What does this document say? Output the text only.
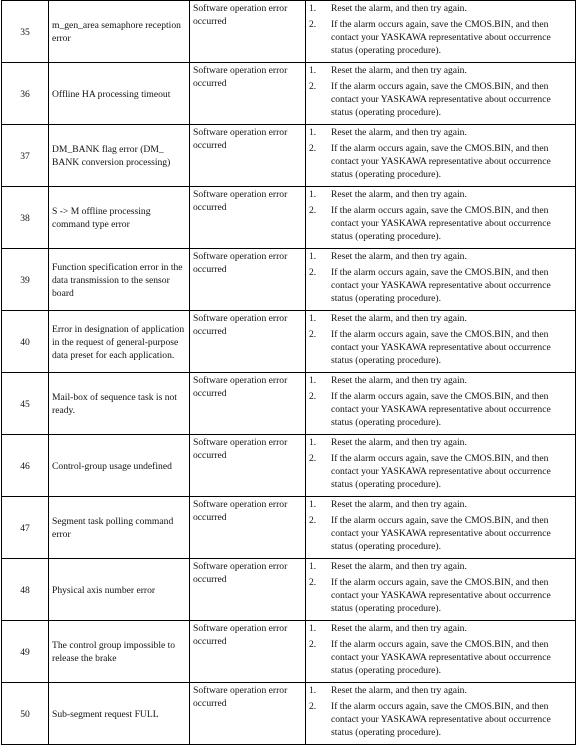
35	m_gen_area semaphore reception error	Software operation error occurred	1. Reset the alarm, and then try again.
2. If the alarm occurs again, save the CMOS.BIN, and then contact your YASKAWA representative about occurrence status (operating procedure).

36	Offline HA processing timeout	Software operation error occurred	1. Reset the alarm, and then try again.
2. If the alarm occurs again, save the CMOS.BIN, and then contact your YASKAWA representative about occurrence status (operating procedure).

37	DM_BANK flag error (DM_ BANK conversion processing)	Software operation error occurred	1. Reset the alarm, and then try again.
2. If the alarm occurs again, save the CMOS.BIN, and then contact your YASKAWA representative about occurrence status (operating procedure).

38	S -> M offline processing command type error	Software operation error occurred	1. Reset the alarm, and then try again.
2. If the alarm occurs again, save the CMOS.BIN, and then contact your YASKAWA representative about occurrence status (operating procedure).

39	Function specification error in the data transmission to the sensor board	Software operation error occurred	1. Reset the alarm, and then try again.
2. If the alarm occurs again, save the CMOS.BIN, and then contact your YASKAWA representative about occurrence status (operating procedure).

40	Error in designation of application in the request of general-purpose data preset for each application.	Software operation error occurred	1. Reset the alarm, and then try again.
2. If the alarm occurs again, save the CMOS.BIN, and then contact your YASKAWA representative about occurrence status (operating procedure).

45	Mail-box of sequence task is not ready.	Software operation error occurred	1. Reset the alarm, and then try again.
2. If the alarm occurs again, save the CMOS.BIN, and then contact your YASKAWA representative about occurrence status (operating procedure).

46	Control-group usage undefined	Software operation error occurred	1. Reset the alarm, and then try again.
2. If the alarm occurs again, save the CMOS.BIN, and then contact your YASKAWA representative about occurrence status (operating procedure).

47	Segment task polling command error	Software operation error occurred	1. Reset the alarm, and then try again.
2. If the alarm occurs again, save the CMOS.BIN, and then contact your YASKAWA representative about occurrence status (operating procedure).

48	Physical axis number error	Software operation error occurred	1. Reset the alarm, and then try again.
2. If the alarm occurs again, save the CMOS.BIN, and then contact your YASKAWA representative about occurrence status (operating procedure).

49	The control group impossible to release the brake	Software operation error occurred	1. Reset the alarm, and then try again.
2. If the alarm occurs again, save the CMOS.BIN, and then contact your YASKAWA representative about occurrence status (operating procedure).

50	Sub-segment request FULL	Software operation error occurred	1. Reset the alarm, and then try again.
2. If the alarm occurs again, save the CMOS.BIN, and then contact your YASKAWA representative about occurrence status (operating procedure).
